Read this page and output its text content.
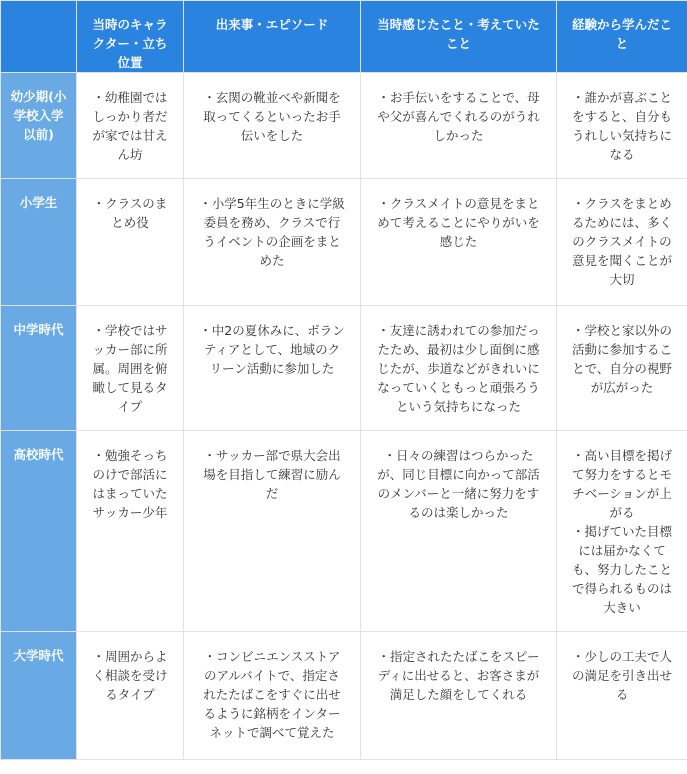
	当時のキャラクター・立ち位置	出来事・エピソード	当時感じたこと・考えていたこと	経験から学んだこと
幼少期(小学校入学以前)	・幼稚園ではしっかり者だが家では甘えん坊	・玄関の靴並べや新聞を取ってくるといったお手伝いをした	・お手伝いをすることで、母や父が喜んでくれるのがうれしかった	・誰かが喜ぶことをすると、自分もうれしい気持ちになる

小学生	・クラスのまとめ役	・小学5年生のときに学級委員を務め、クラスで行うイベントの企画をまとめた	・クラスメイトの意見をまとめて考えることにやりがいを感じた	・クラスをまとめるためには、多くのクラスメイトの意見を聞くことが大切

中学時代	・学校ではサッカー部に所属。周囲を俯瞰して見るタイプ	・中2の夏休みに、ボランティアとして、地域のクリーン活動に参加した	・友達に誘われての参加だったため、最初は少し面倒に感じたが、歩道などがきれいになっていくともっと頑張ろうという気持ちになった	・学校と家以外の活動に参加することで、自分の視野が広がった

高校時代	・勉強そっちのけで部活にはまっていたサッカー少年	・サッカー部で県大会出場を目指して練習に励んだ	・日々の練習はつらかったが、同じ目標に向かって部活のメンバーと一緒に努力をするのは楽しかった	・高い目標を掲げて努力をするとモチベーションが上がる
・掲げていた目標には届かなくても、努力したことで得られるものは大きい

大学時代	・周囲からよく相談を受けるタイプ	・コンビニエンスストアのアルバイトで、指定されたたばこをすぐに出せるように銘柄をインターネットで調べて覚えた	・指定されたたばこをスピーディに出せると、お客さまが満足した顔をしてくれる	・少しの工夫で人の満足を引き出せる
